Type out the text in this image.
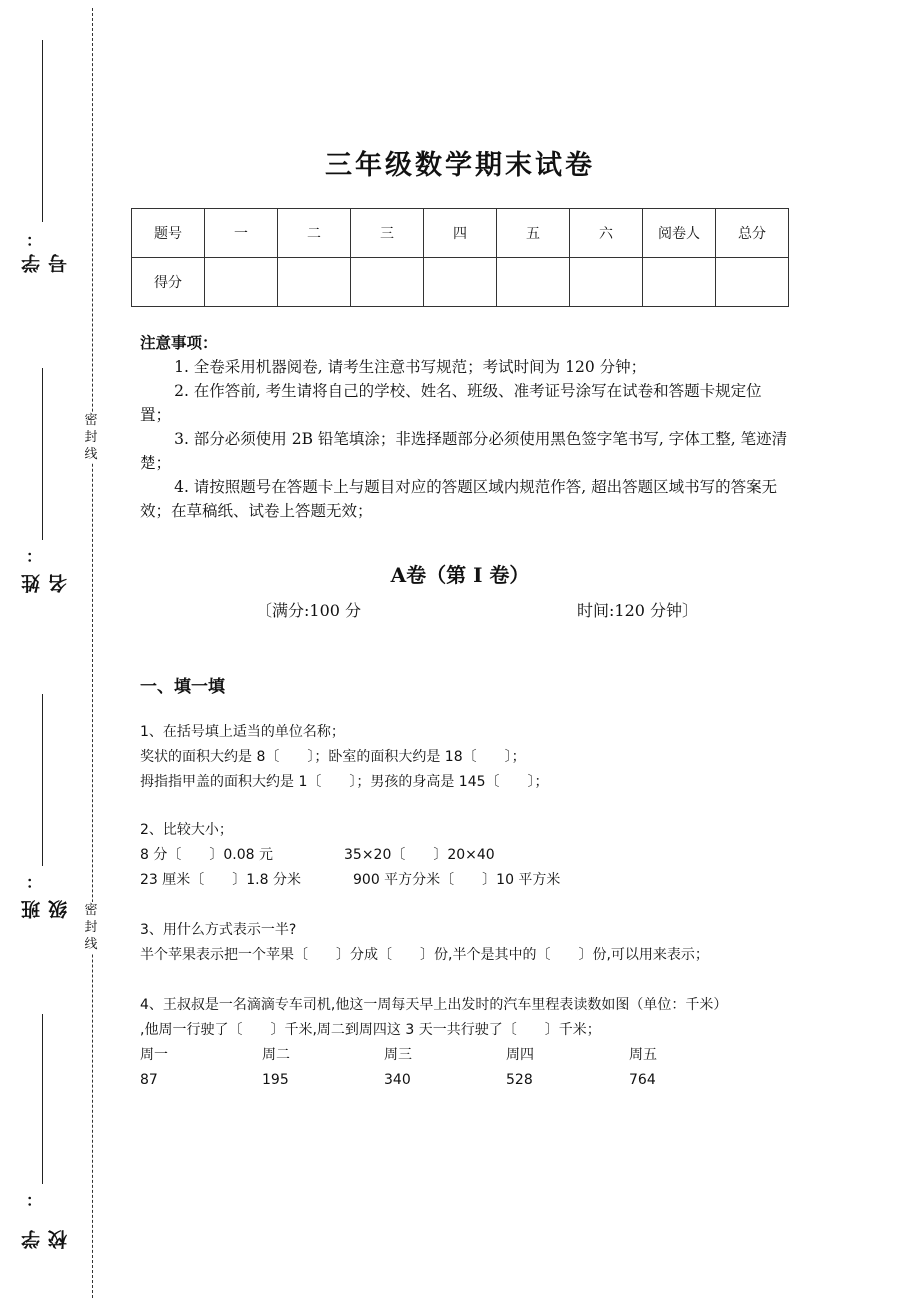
密封线
密封线
：
学号
：
姓名
：
班级
：
学校
三年级数学期末试卷
题号	一	二	三	四	五	六	阅卷人	总分
得分								
注意事项：
1. 全卷采用机器阅卷, 请考生注意书写规范；考试时间为 120 分钟；
2. 在作答前, 考生请将自己的学校、姓名、班级、准考证号涂写在试卷和答题卡规定位置；
3. 部分必须使用 2B 铅笔填涂；非选择题部分必须使用黑色签字笔书写, 字体工整, 笔迹清楚；
4. 请按照题号在答题卡上与题目对应的答题区域内规范作答, 超出答题区域书写的答案无效；在草稿纸、试卷上答题无效；
A卷（第 I 卷）
〔满分:100 分	时间:120 分钟〕
一、填一填
1、在括号填上适当的单位名称；
奖状的面积大约是 8〔　　〕；卧室的面积大约是 18〔　　〕；
拇指指甲盖的面积大约是 1〔　　〕；男孩的身高是 145〔　　〕；
2、比较大小；
8 分〔　　〕0.08 元	35×20〔　　〕20×40
23 厘米〔　　〕1.8 分米	900 平方分米〔　　〕10 平方米
3、用什么方式表示一半?
半个苹果表示把一个苹果〔　　〕分成〔　　〕份,半个是其中的〔　　〕份,可以用来表示；
4、王叔叔是一名滴滴专车司机,他这一周每天早上出发时的汽车里程表读数如图（单位：千米）
,他周一行驶了〔　　〕千米,周二到周四这 3 天一共行驶了〔　　〕千米；
周一	周二	周三	周四	周五
87	195	340	528	764
